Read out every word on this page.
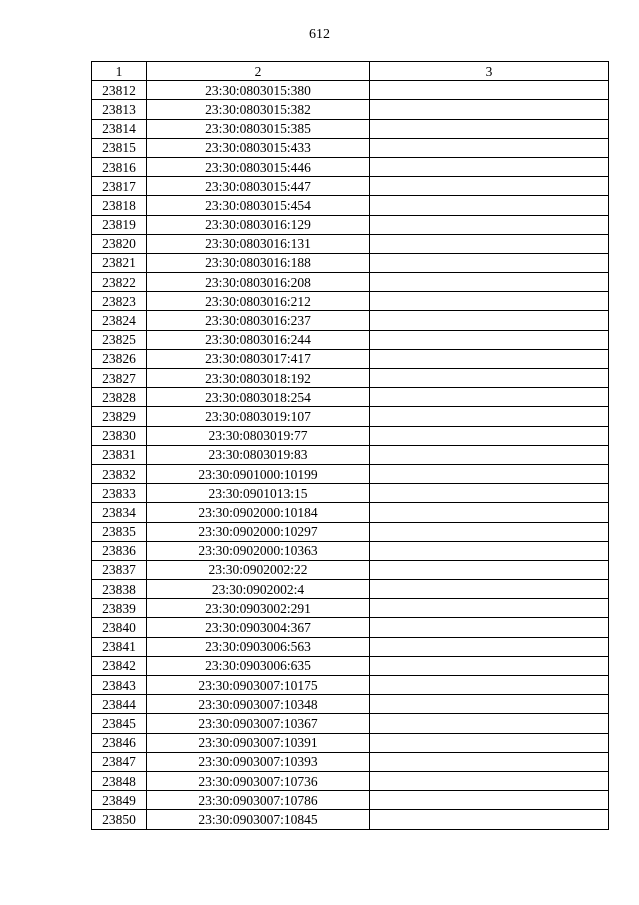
612
1	2	3
23812	23:30:0803015:380	
23813	23:30:0803015:382	
23814	23:30:0803015:385	
23815	23:30:0803015:433	
23816	23:30:0803015:446	
23817	23:30:0803015:447	
23818	23:30:0803015:454	
23819	23:30:0803016:129	
23820	23:30:0803016:131	
23821	23:30:0803016:188	
23822	23:30:0803016:208	
23823	23:30:0803016:212	
23824	23:30:0803016:237	
23825	23:30:0803016:244	
23826	23:30:0803017:417	
23827	23:30:0803018:192	
23828	23:30:0803018:254	
23829	23:30:0803019:107	
23830	23:30:0803019:77	
23831	23:30:0803019:83	
23832	23:30:0901000:10199	
23833	23:30:0901013:15	
23834	23:30:0902000:10184	
23835	23:30:0902000:10297	
23836	23:30:0902000:10363	
23837	23:30:0902002:22	
23838	23:30:0902002:4	
23839	23:30:0903002:291	
23840	23:30:0903004:367	
23841	23:30:0903006:563	
23842	23:30:0903006:635	
23843	23:30:0903007:10175	
23844	23:30:0903007:10348	
23845	23:30:0903007:10367	
23846	23:30:0903007:10391	
23847	23:30:0903007:10393	
23848	23:30:0903007:10736	
23849	23:30:0903007:10786	
23850	23:30:0903007:10845	
